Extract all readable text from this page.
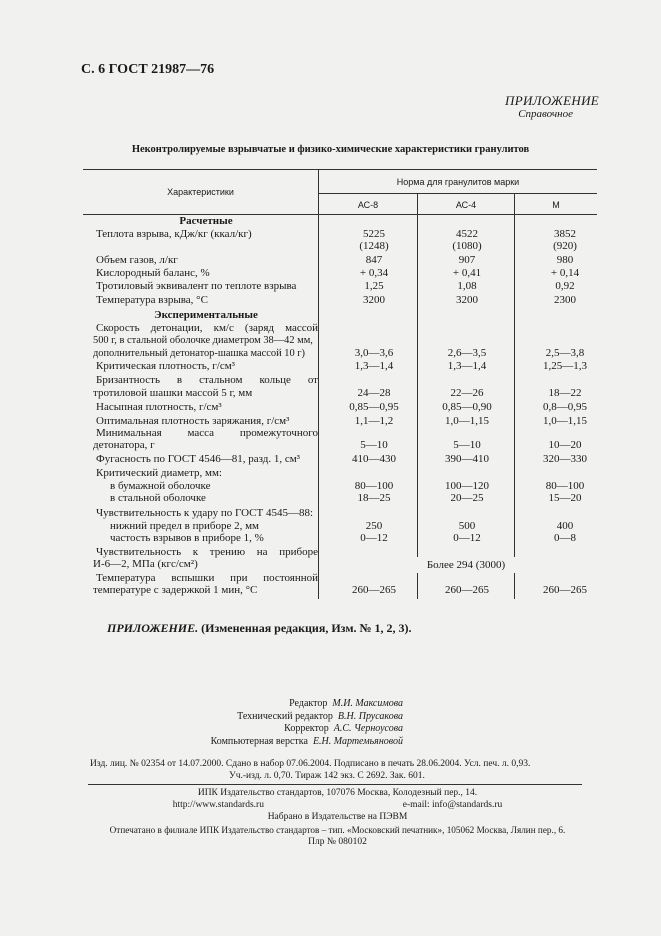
С. 6 ГОСТ 21987—76
ПРИЛОЖЕНИЕ
Справочное
Неконтролируемые взрывчатые и физико-химические характеристики гранулитов
Характеристики
Норма для гранулитов марки
АС-8	АС-4	М
Расчетные
Теплота взрыва, кДж/кг (ккал/кг)	5225	4522	3852
(1248)	(1080)	(920)
Объем газов, л/кг	847	907	980
Кислородный баланс, %	+ 0,34	+ 0,41	+ 0,14
Тротиловый эквивалент по теплоте взрыва	1,25	1,08	0,92
Температура взрыва, °С	3200	3200	2300
Экспериментальные
Скорость детонации, км/с (заряд массой
500 г, в стальной оболочке диаметром 38—42 мм,
дополнительный детонатор-шашка массой 10 г)	3,0—3,6	2,6—3,5	2,5—3,8
Критическая плотность, г/см³	1,3—1,4	1,3—1,4	1,25—1,3
Бризантность в стальном кольце от
тротиловой шашки массой 5 г, мм	24—28	22—26	18—22
Насыпная плотность, г/см³	0,85—0,95	0,85—0,90	0,8—0,95
Оптимальная плотность заряжания, г/см³	1,1—1,2	1,0—1,15	1,0—1,15
Минимальная масса промежуточного
детонатора, г	5—10	5—10	10—20
Фугасность по ГОСТ 4546—81, разд. 1, см³	410—430	390—410	320—330
Критический диаметр, мм:
в бумажной оболочке	80—100	100—120	80—100
в стальной оболочке	18—25	20—25	15—20
Чувствительность к удару по ГОСТ 4545—88:
нижний предел в приборе 2, мм	250	500	400
частость взрывов в приборе 1, %	0—12	0—12	0—8
Чувствительность к трению на приборе
И-6—2, МПа (кгс/см²)	Более 294 (3000)
Температура вспышки при постоянной
температуре с задержкой 1 мин, °С	260—265	260—265	260—265
ПРИЛОЖЕНИЕ. (Измененная редакция, Изм. № 1, 2, 3).
Редактор М.И. Максимова
Технический редактор В.Н. Прусакова
Корректор А.С. Черноусова
Компьютерная верстка Е.Н. Мартемьяновой
Изд. лиц. № 02354 от 14.07.2000. Сдано в набор 07.06.2004. Подписано в печать 28.06.2004. Усл. печ. л. 0,93.
Уч.-изд. л. 0,70. Тираж 142 экз. С 2692. Зак. 601.
ИПК Издательство стандартов, 107076 Москва, Колодезный пер., 14.
http://www.standards.ru	e-mail: info@standards.ru
Набрано в Издательстве на ПЭВМ
Отпечатано в филиале ИПК Издательство стандартов – тип. «Московский печатник», 105062 Москва, Лялин пер., 6.
Плр № 080102
